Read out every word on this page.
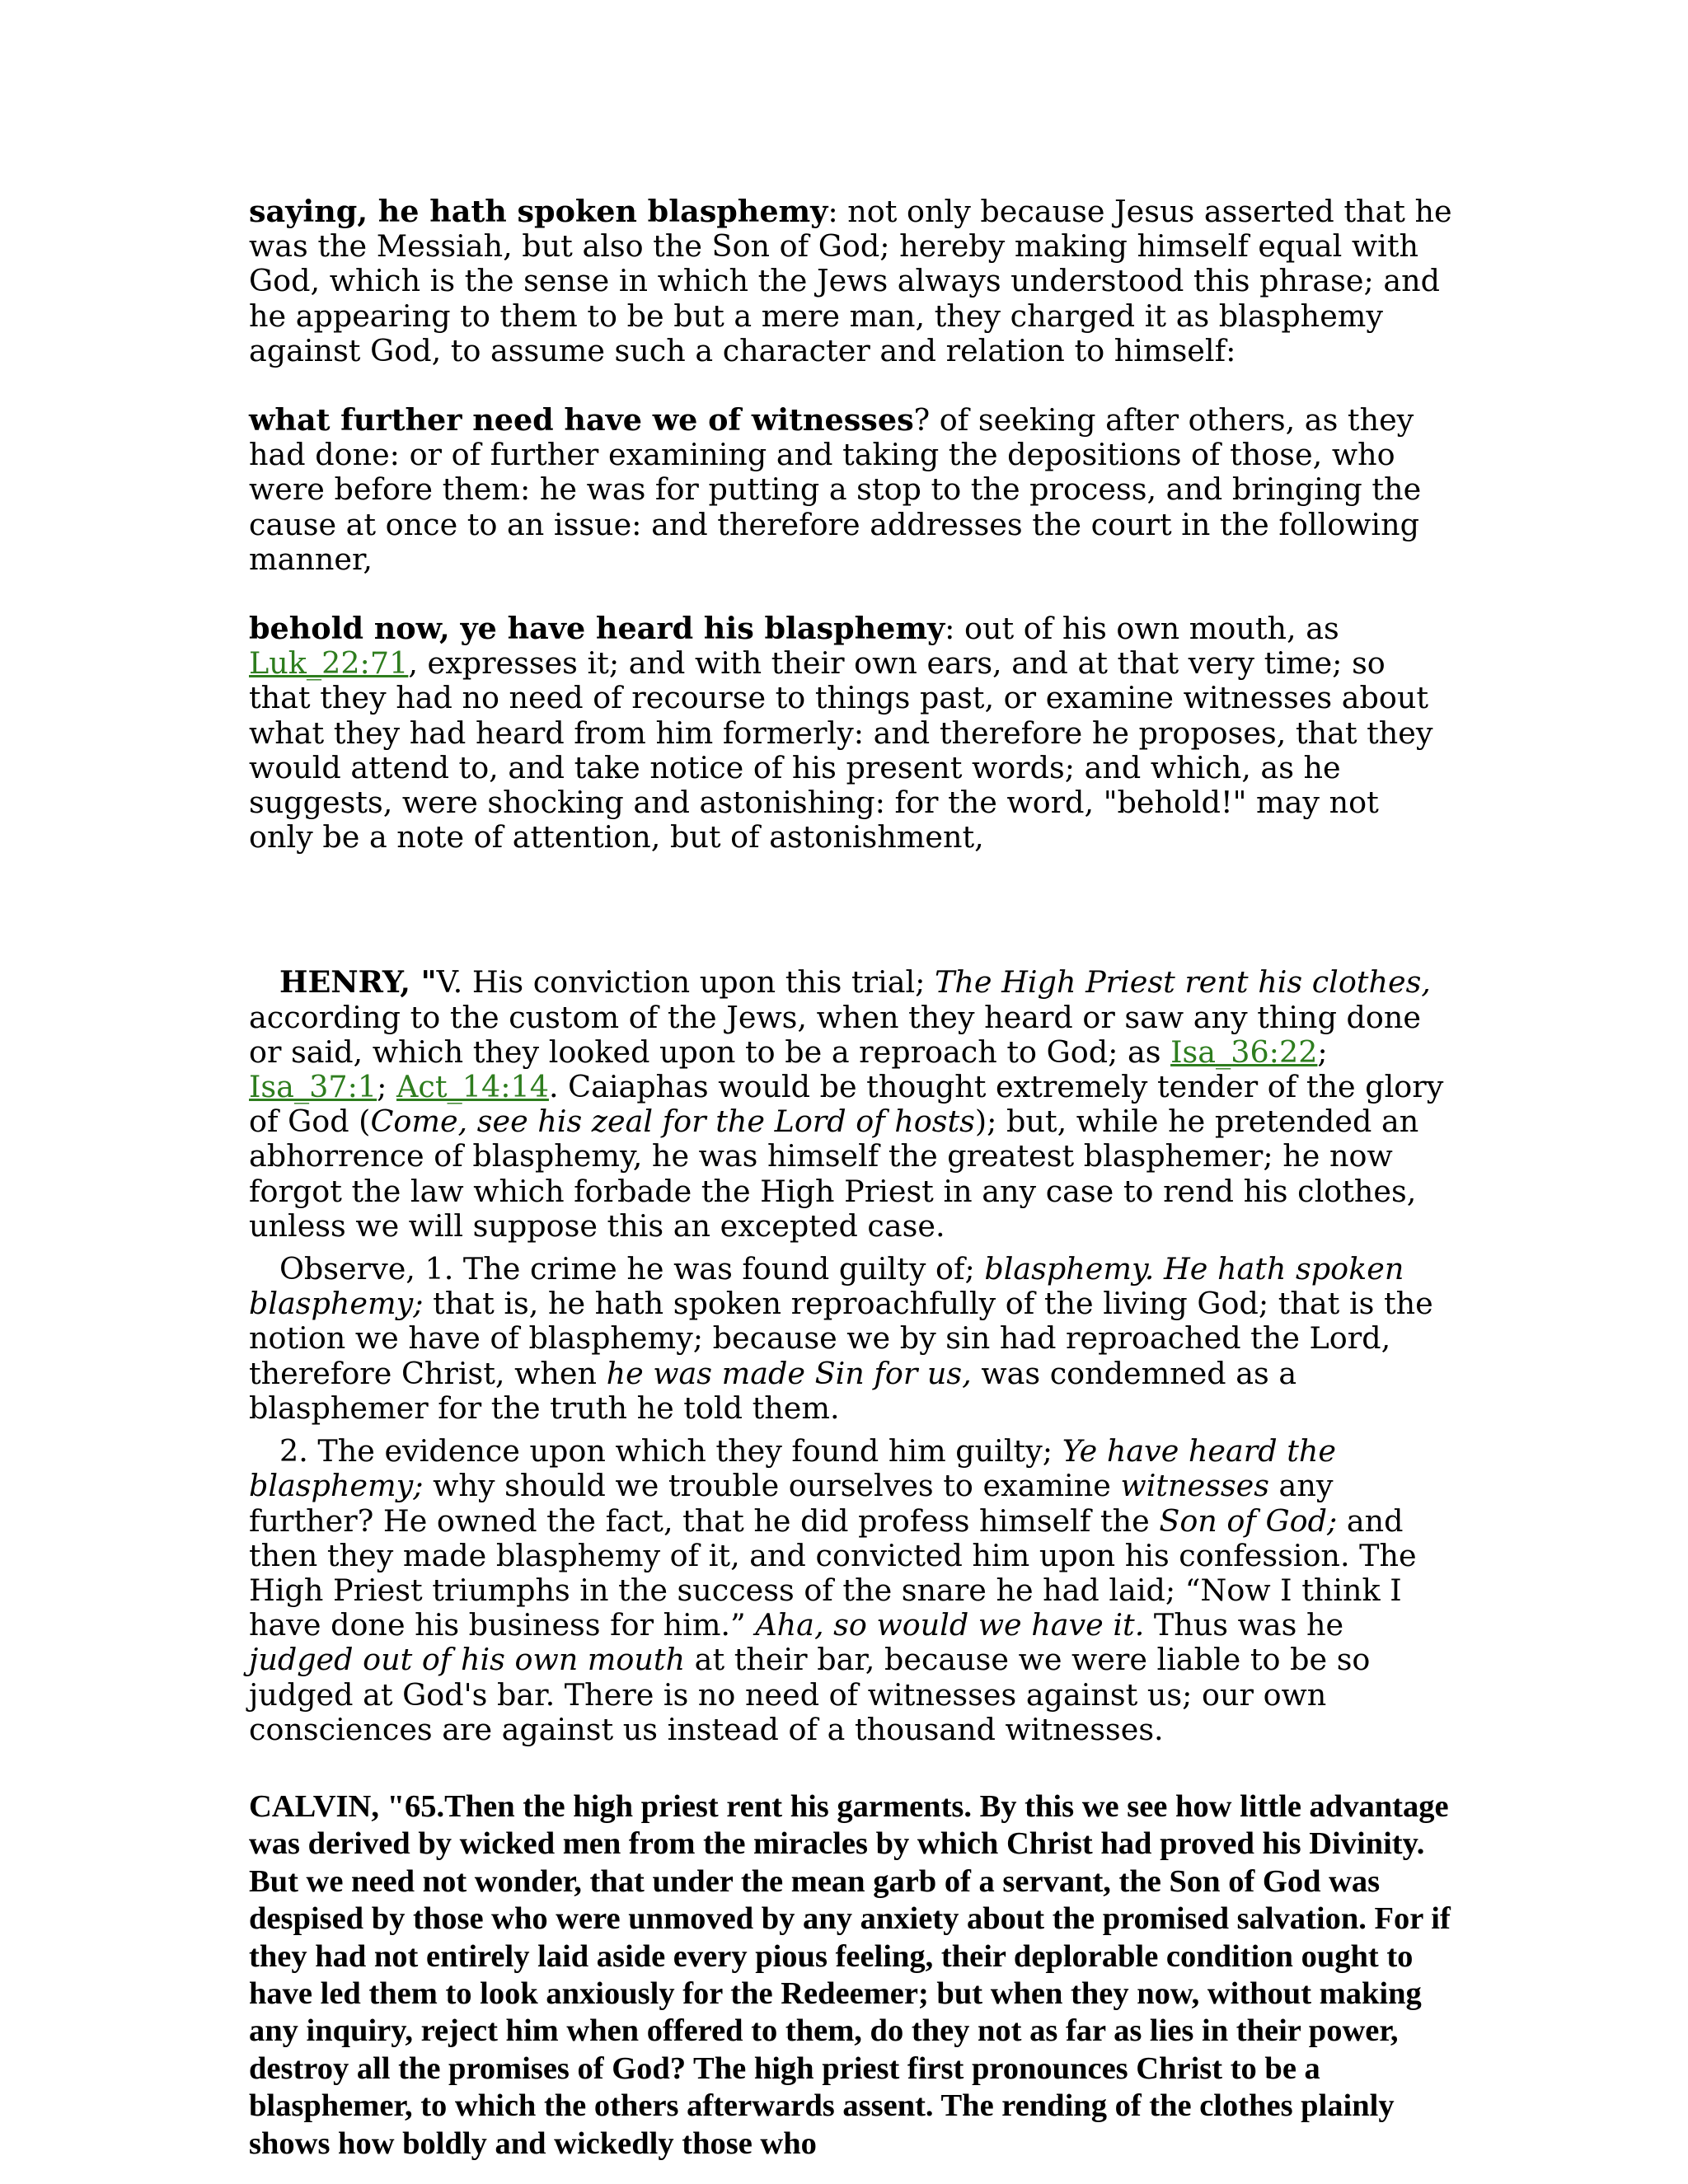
saying, he hath spoken blasphemy: not only because Jesus asserted that he was the Messiah, but also the Son of God; hereby making himself equal with God, which is the sense in which the Jews always understood this phrase; and he appearing to them to be but a mere man, they charged it as blasphemy against God, to assume such a character and relation to himself:

what further need have we of witnesses? of seeking after others, as they had done: or of further examining and taking the depositions of those, who were before them: he was for putting a stop to the process, and bringing the cause at once to an issue: and therefore addresses the court in the following manner,

behold now, ye have heard his blasphemy: out of his own mouth, as Luk_22:71, expresses it; and with their own ears, and at that very time; so that they had no need of recourse to things past, or examine witnesses about what they had heard from him formerly: and therefore he proposes, that they would attend to, and take notice of his present words; and which, as he suggests, were shocking and astonishing: for the word, "behold!" may not only be a note of attention, but of astonishment,

HENRY, "V. His conviction upon this trial; The High Priest rent his clothes, according to the custom of the Jews, when they heard or saw any thing done or said, which they looked upon to be a reproach to God; as Isa_36:22; Isa_37:1; Act_14:14. Caiaphas would be thought extremely tender of the glory of God (Come, see his zeal for the Lord of hosts); but, while he pretended an abhorrence of blasphemy, he was himself the greatest blasphemer; he now forgot the law which forbade the High Priest in any case to rend his clothes, unless we will suppose this an excepted case.

Observe, 1. The crime he was found guilty of; blasphemy. He hath spoken blasphemy; that is, he hath spoken reproachfully of the living God; that is the notion we have of blasphemy; because we by sin had reproached the Lord, therefore Christ, when he was made Sin for us, was condemned as a blasphemer for the truth he told them.

2. The evidence upon which they found him guilty; Ye have heard the blasphemy; why should we trouble ourselves to examine witnesses any further? He owned the fact, that he did profess himself the Son of God; and then they made blasphemy of it, and convicted him upon his confession. The High Priest triumphs in the success of the snare he had laid; “Now I think I have done his business for him.” Aha, so would we have it. Thus was he judged out of his own mouth at their bar, because we were liable to be so judged at God's bar. There is no need of witnesses against us; our own consciences are against us instead of a thousand witnesses.

CALVIN, "65.Then the high priest rent his garments. By this we see how little advantage was derived by wicked men from the miracles by which Christ had proved his Divinity. But we need not wonder, that under the mean garb of a servant, the Son of God was despised by those who were unmoved by any anxiety about the promised salvation. For if they had not entirely laid aside every pious feeling, their deplorable condition ought to have led them to look anxiously for the Redeemer; but when they now, without making any inquiry, reject him when offered to them, do they not as far as lies in their power, destroy all the promises of God? The high priest first pronounces Christ to be a blasphemer, to which the others afterwards assent. The rending of the clothes plainly shows how boldly and wickedly those who
